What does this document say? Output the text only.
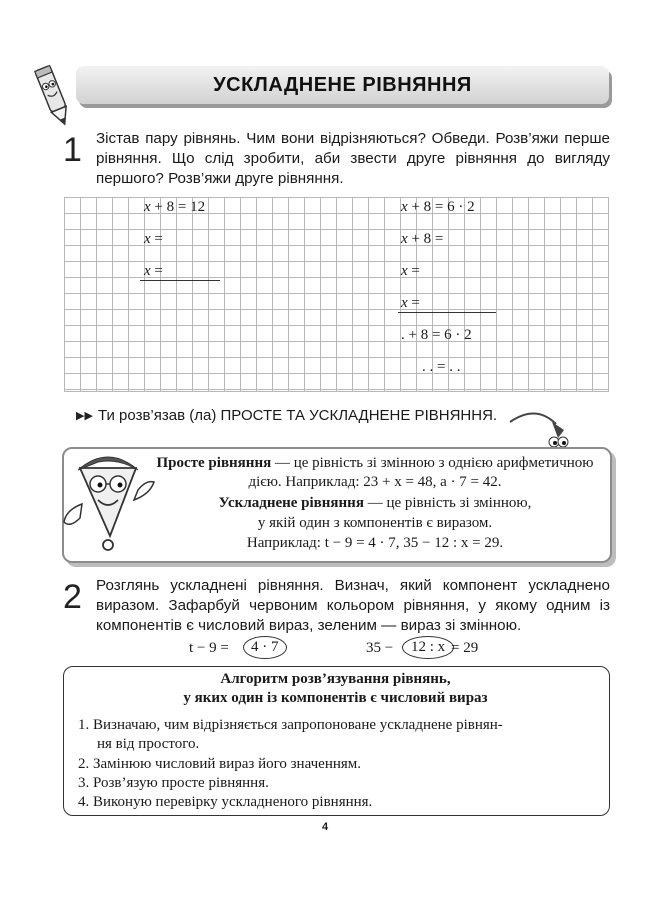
УСКЛАДНЕНЕ РІВНЯННЯ
1 Зістав пару рівнянь. Чим вони відрізняються? Обведи. Розв’яжи перше рівняння. Що слід зробити, аби звести друге рівняння до вигляду першого? Розв’яжи друге рівняння.
x + 8 = 12
x =
x =
x + 8 = 6 · 2
x + 8 =
x =
x =
. + 8 = 6 · 2
. . = . .
▶▶ Ти розв’язав (ла) ПРОСТЕ ТА УСКЛАДНЕНЕ РІВНЯННЯ.
Просте рівняння — це рівність зі змінною з однією арифметичною дією. Наприклад: 23 + x = 48, a · 7 = 42.
Ускладнене рівняння — це рівність зі змінною,
у якій один з компонентів є виразом.
Наприклад: t − 9 = 4 · 7, 35 − 12 : x = 29.
2 Розглянь ускладнені рівняння. Визнач, який компонент ускладнено виразом. Зафарбуй червоним кольором рівняння, у якому одним із компонентів є числовий вираз, зеленим — вираз зі змінною.
t − 9 =	4 · 7	35 −	12 : x = 29
Алгоритм розв’язування рівнянь,
у яких один із компонентів є числовий вираз
1. Визначаю, чим відрізняється запропоноване ускладнене рівнян-
ня від простого.
2. Замінюю числовий вираз його значенням.
3. Розв’язую просте рівняння.
4. Виконую перевірку ускладненого рівняння.
4
